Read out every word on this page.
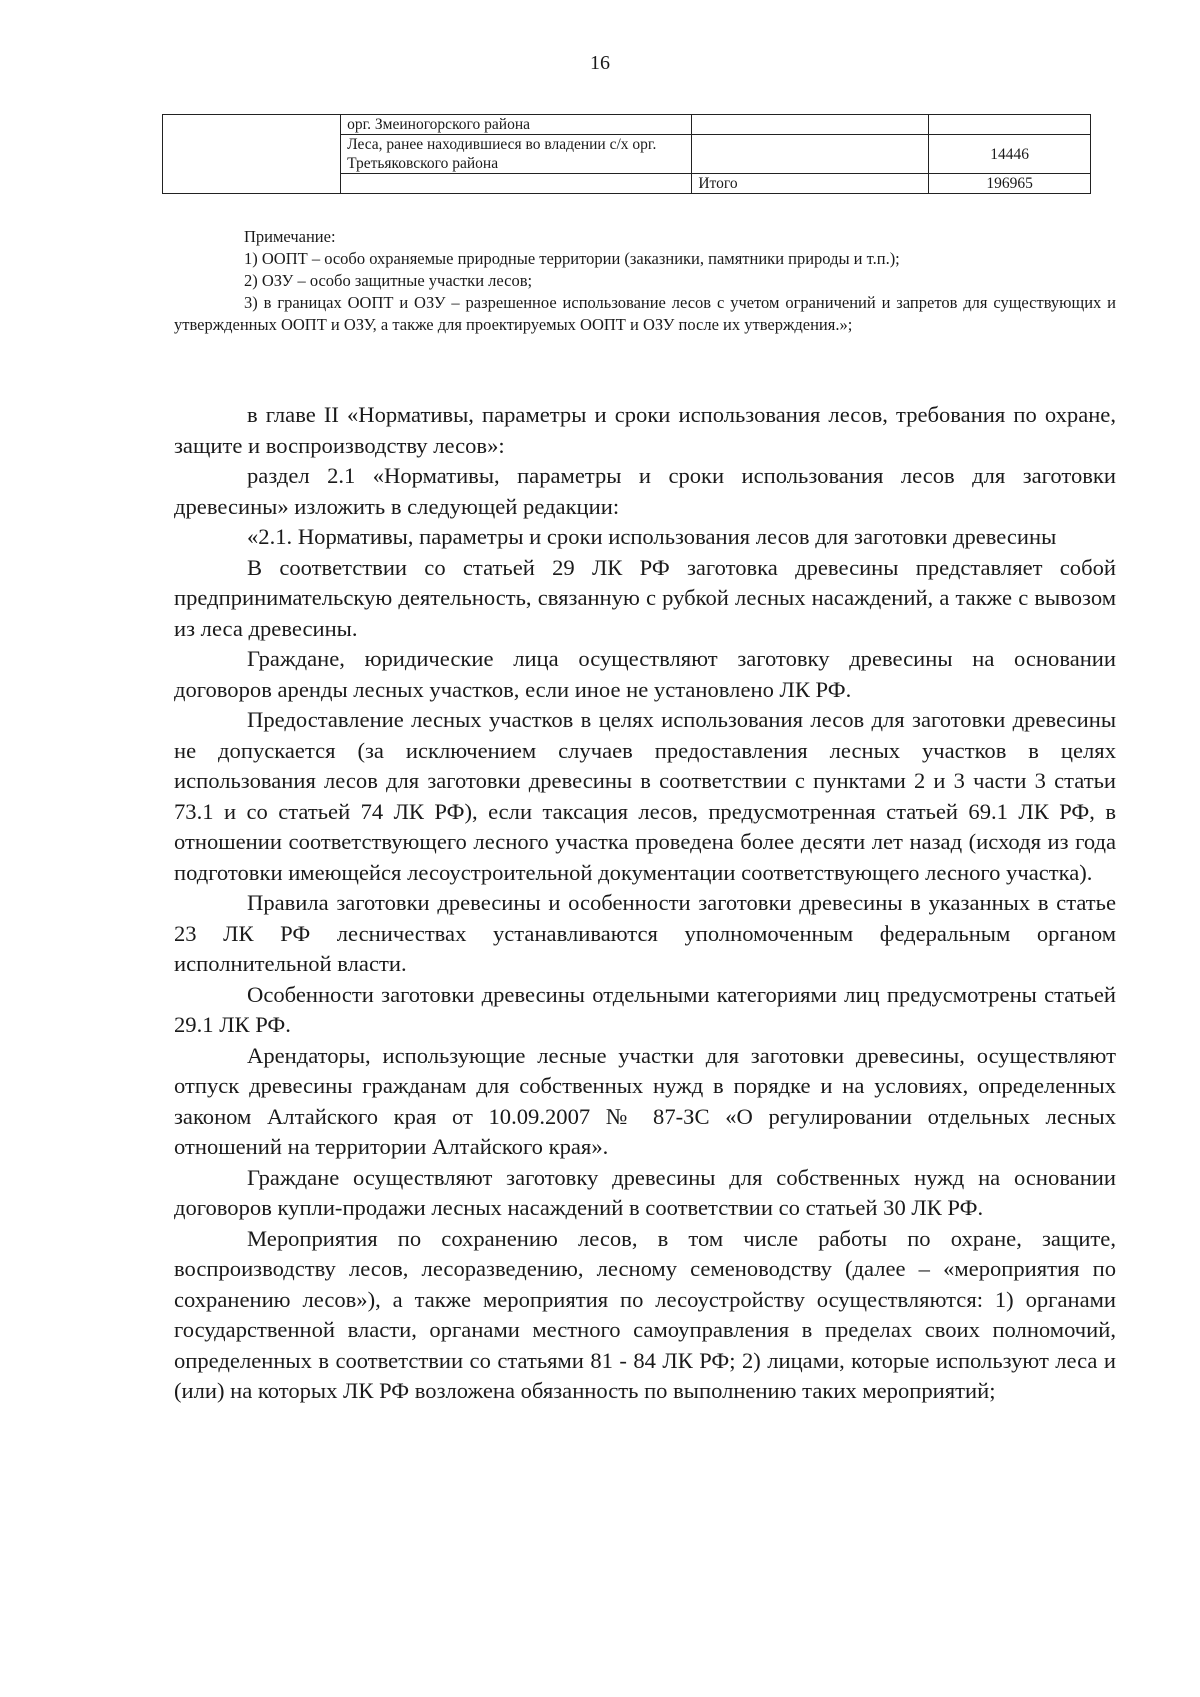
16
	орг. Змеиногорского района		
	Леса, ранее находившиеся во владении с/х орг. Третьяковского района		14446
		Итого	196965

Примечание:

1) ООПТ – особо охраняемые природные территории (заказники, памятники природы и т.п.);

2) ОЗУ – особо защитные участки лесов;

3) в границах ООПТ и ОЗУ – разрешенное использование лесов с учетом ограничений и запретов для существующих и утвержденных ООПТ и ОЗУ, а также для проектируемых ООПТ и ОЗУ после их утверждения.»;

в главе II «Нормативы, параметры и сроки использования лесов, требования по охране, защите и воспроизводству лесов»:

раздел 2.1 «Нормативы, параметры и сроки использования лесов для заготовки древесины» изложить в следующей редакции:

«2.1. Нормативы, параметры и сроки использования лесов для заготовки древесины

В соответствии со статьей 29 ЛК РФ заготовка древесины представляет собой предпринимательскую деятельность, связанную с рубкой лесных насаждений, а также с вывозом из леса древесины.

Граждане, юридические лица осуществляют заготовку древесины на основании договоров аренды лесных участков, если иное не установлено ЛК РФ.

Предоставление лесных участков в целях использования лесов для заготовки древесины не допускается (за исключением случаев предоставления лесных участков в целях использования лесов для заготовки древесины в соответствии с пунктами 2 и 3 части 3 статьи 73.1 и со статьей 74 ЛК РФ), если таксация лесов, предусмотренная статьей 69.1 ЛК РФ, в отношении соответствующего лесного участка проведена более десяти лет назад (исходя из года подготовки имеющейся лесоустроительной документации соответствующего лесного участка).

Правила заготовки древесины и особенности заготовки древесины в указанных в статье 23 ЛК РФ лесничествах устанавливаются уполномоченным федеральным органом исполнительной власти.

Особенности заготовки древесины отдельными категориями лиц предусмотрены статьей 29.1 ЛК РФ.

Арендаторы, использующие лесные участки для заготовки древесины, осуществляют отпуск древесины гражданам для собственных нужд в порядке и на условиях, определенных законом Алтайского края от 10.09.2007 № 87-ЗС «О регулировании отдельных лесных отношений на территории Алтайского края».

Граждане осуществляют заготовку древесины для собственных нужд на основании договоров купли-продажи лесных насаждений в соответствии со статьей 30 ЛК РФ.

Мероприятия по сохранению лесов, в том числе работы по охране, защите, воспроизводству лесов, лесоразведению, лесному семеноводству (далее – «мероприятия по сохранению лесов»), а также мероприятия по лесоустройству осуществляются: 1) органами государственной власти, органами местного самоуправления в пределах своих полномочий, определенных в соответствии со статьями 81 - 84 ЛК РФ; 2) лицами, которые используют леса и (или) на которых ЛК РФ возложена обязанность по выполнению таких мероприятий;
